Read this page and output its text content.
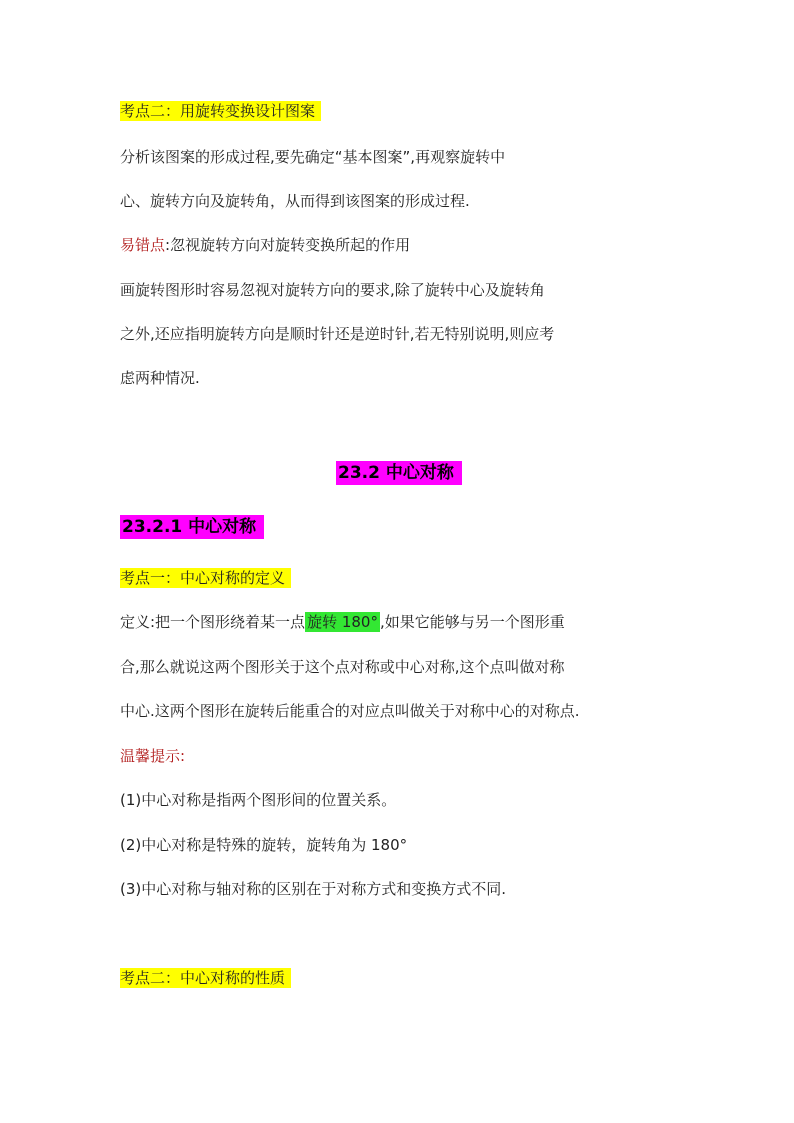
考点二：用旋转变换设计图案
分析该图案的形成过程,要先确定“基本图案”,再观察旋转中
心、旋转方向及旋转角，从而得到该图案的形成过程.
易错点:忽视旋转方向对旋转变换所起的作用
画旋转图形时容易忽视对旋转方向的要求,除了旋转中心及旋转角
之外,还应指明旋转方向是顺时针还是逆时针,若无特别说明,则应考
虑两种情况.
23.2 中心对称
23.2.1 中心对称
考点一：中心对称的定义
定义:把一个图形绕着某一点 旋转 180° ,如果它能够与另一个图形重
合,那么就说这两个图形关于这个点对称或中心对称,这个点叫做对称
中心.这两个图形在旋转后能重合的对应点叫做关于对称中心的对称点.
温馨提示:
(1)中心对称是指两个图形间的位置关系。
(2)中心对称是特殊的旋转，旋转角为 180°
(3)中心对称与轴对称的区别在于对称方式和变换方式不同.
考点二：中心对称的性质
